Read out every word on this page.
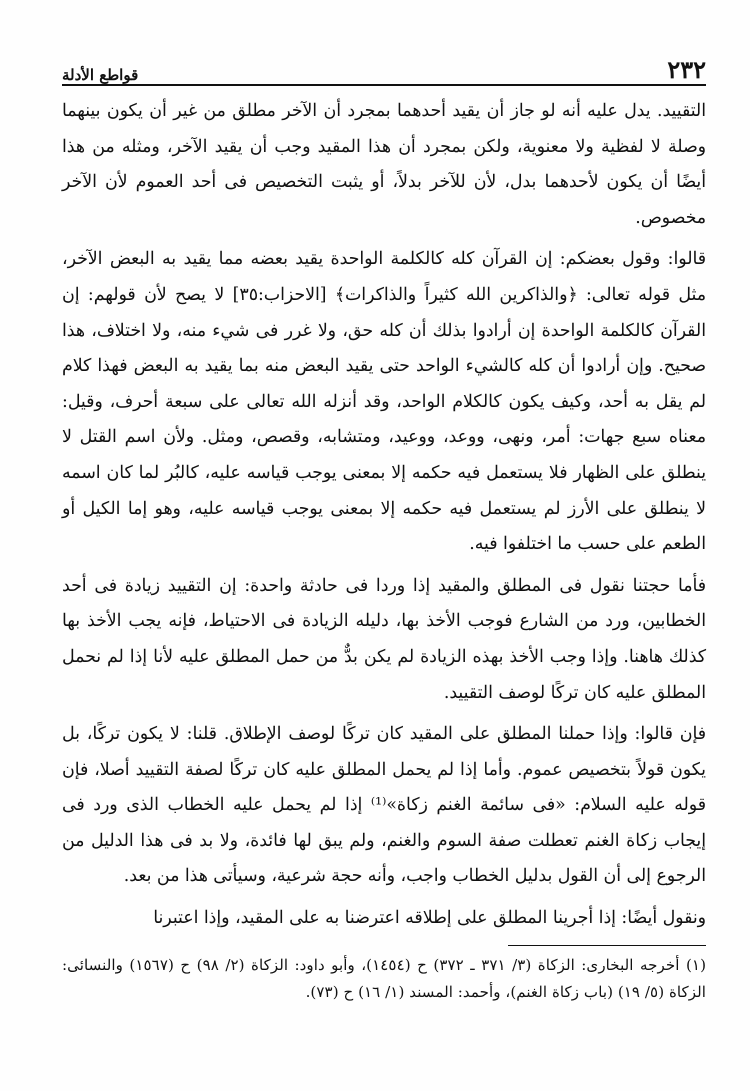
٢٣٢
قواطع الأدلة

التقييد. يدل عليه أنه لو جاز أن يقيد أحدهما بمجرد أن الآخر مطلق من غير أن يكون بينهما وصلة لا لفظية ولا معنوية، ولكن بمجرد أن هذا المقيد وجب أن يقيد الآخر، ومثله من هذا أيضًا أن يكون لأحدهما بدل، لأن للآخر بدلاً، أو يثبت التخصيص فى أحد العموم لأن الآخر مخصوص.

قالوا: وقول بعضكم: إن القرآن كله كالكلمة الواحدة يقيد بعضه مما يقيد به البعض الآخر، مثل قوله تعالى: ﴿والذاكرين الله كثيراً والذاكرات﴾ [الاحزاب:٣٥] لا يصح لأن قولهم: إن القرآن كالكلمة الواحدة إن أرادوا بذلك أن كله حق، ولا غرر فى شيء منه، ولا اختلاف، هذا صحيح. وإن أرادوا أن كله كالشيء الواحد حتى يقيد البعض منه بما يقيد به البعض فهذا كلام لم يقل به أحد، وكيف يكون كالكلام الواحد، وقد أنزله الله تعالى على سبعة أحرف، وقيل: معناه سبع جهات: أمر، ونهى، ووعد، ووعيد، ومتشابه، وقصص، ومثل. ولأن اسم القتل لا ينطلق على الظهار فلا يستعمل فيه حكمه إلا بمعنى يوجب قياسه عليه، كالبُر لما كان اسمه لا ينطلق على الأرز لم يستعمل فيه حكمه إلا بمعنى يوجب قياسه عليه، وهو إما الكيل أو الطعم على حسب ما اختلفوا فيه.

فأما حجتنا نقول فى المطلق والمقيد إذا وردا فى حادثة واحدة: إن التقييد زيادة فى أحد الخطابين، ورد من الشارع فوجب الأخذ بها، دليله الزيادة فى الاحتياط، فإنه يجب الأخذ بها كذلك هاهنا. وإذا وجب الأخذ بهذه الزيادة لم يكن بدٌّ من حمل المطلق عليه لأنا إذا لم نحمل المطلق عليه كان تركًا لوصف التقييد.

فإن قالوا: وإذا حملنا المطلق على المقيد كان تركًا لوصف الإطلاق. قلنا: لا يكون تركًا، بل يكون قولاً بتخصيص عموم. وأما إذا لم يحمل المطلق عليه كان تركًا لصفة التقييد أصلا، فإن قوله عليه السلام: «فى سائمة الغنم زكاة»⁽¹⁾ إذا لم يحمل عليه الخطاب الذى ورد فى إيجاب زكاة الغنم تعطلت صفة السوم والغنم، ولم يبق لها فائدة، ولا بد فى هذا الدليل من الرجوع إلى أن القول بدليل الخطاب واجب، وأنه حجة شرعية، وسيأتى هذا من بعد.

ونقول أيضًا: إذا أجرينا المطلق على إطلاقه اعترضنا به على المقيد، وإذا اعتبرنا

(١) أخرجه البخارى: الزكاة (٣/ ٣٧١ ـ ٣٧٢) ح (١٤٥٤)، وأبو داود: الزكاة (٢/ ٩٨) ح (١٥٦٧) والنسائى: الزكاة (٥/ ١٩) (باب زكاة الغنم)، وأحمد: المسند (١/ ١٦) ح (٧٣).
